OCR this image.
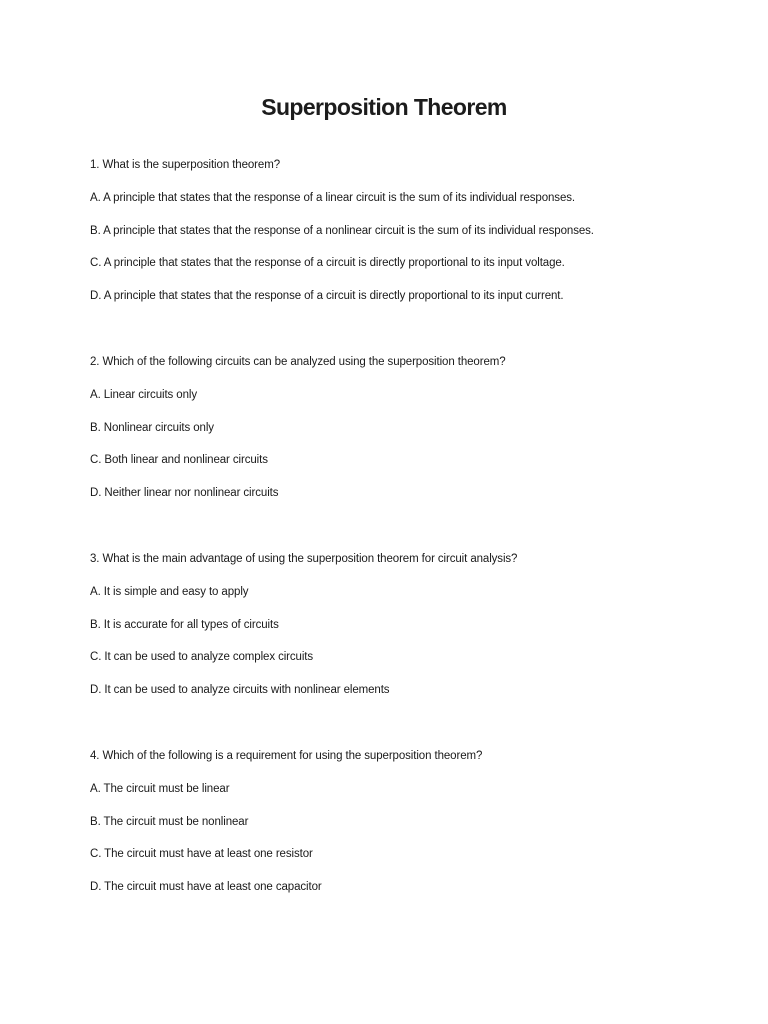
Superposition Theorem
1. What is the superposition theorem?
A. A principle that states that the response of a linear circuit is the sum of its individual responses.
B. A principle that states that the response of a nonlinear circuit is the sum of its individual responses.
C. A principle that states that the response of a circuit is directly proportional to its input voltage.
D. A principle that states that the response of a circuit is directly proportional to its input current.
2. Which of the following circuits can be analyzed using the superposition theorem?
A. Linear circuits only
B. Nonlinear circuits only
C. Both linear and nonlinear circuits
D. Neither linear nor nonlinear circuits
3. What is the main advantage of using the superposition theorem for circuit analysis?
A. It is simple and easy to apply
B. It is accurate for all types of circuits
C. It can be used to analyze complex circuits
D. It can be used to analyze circuits with nonlinear elements
4. Which of the following is a requirement for using the superposition theorem?
A. The circuit must be linear
B. The circuit must be nonlinear
C. The circuit must have at least one resistor
D. The circuit must have at least one capacitor
